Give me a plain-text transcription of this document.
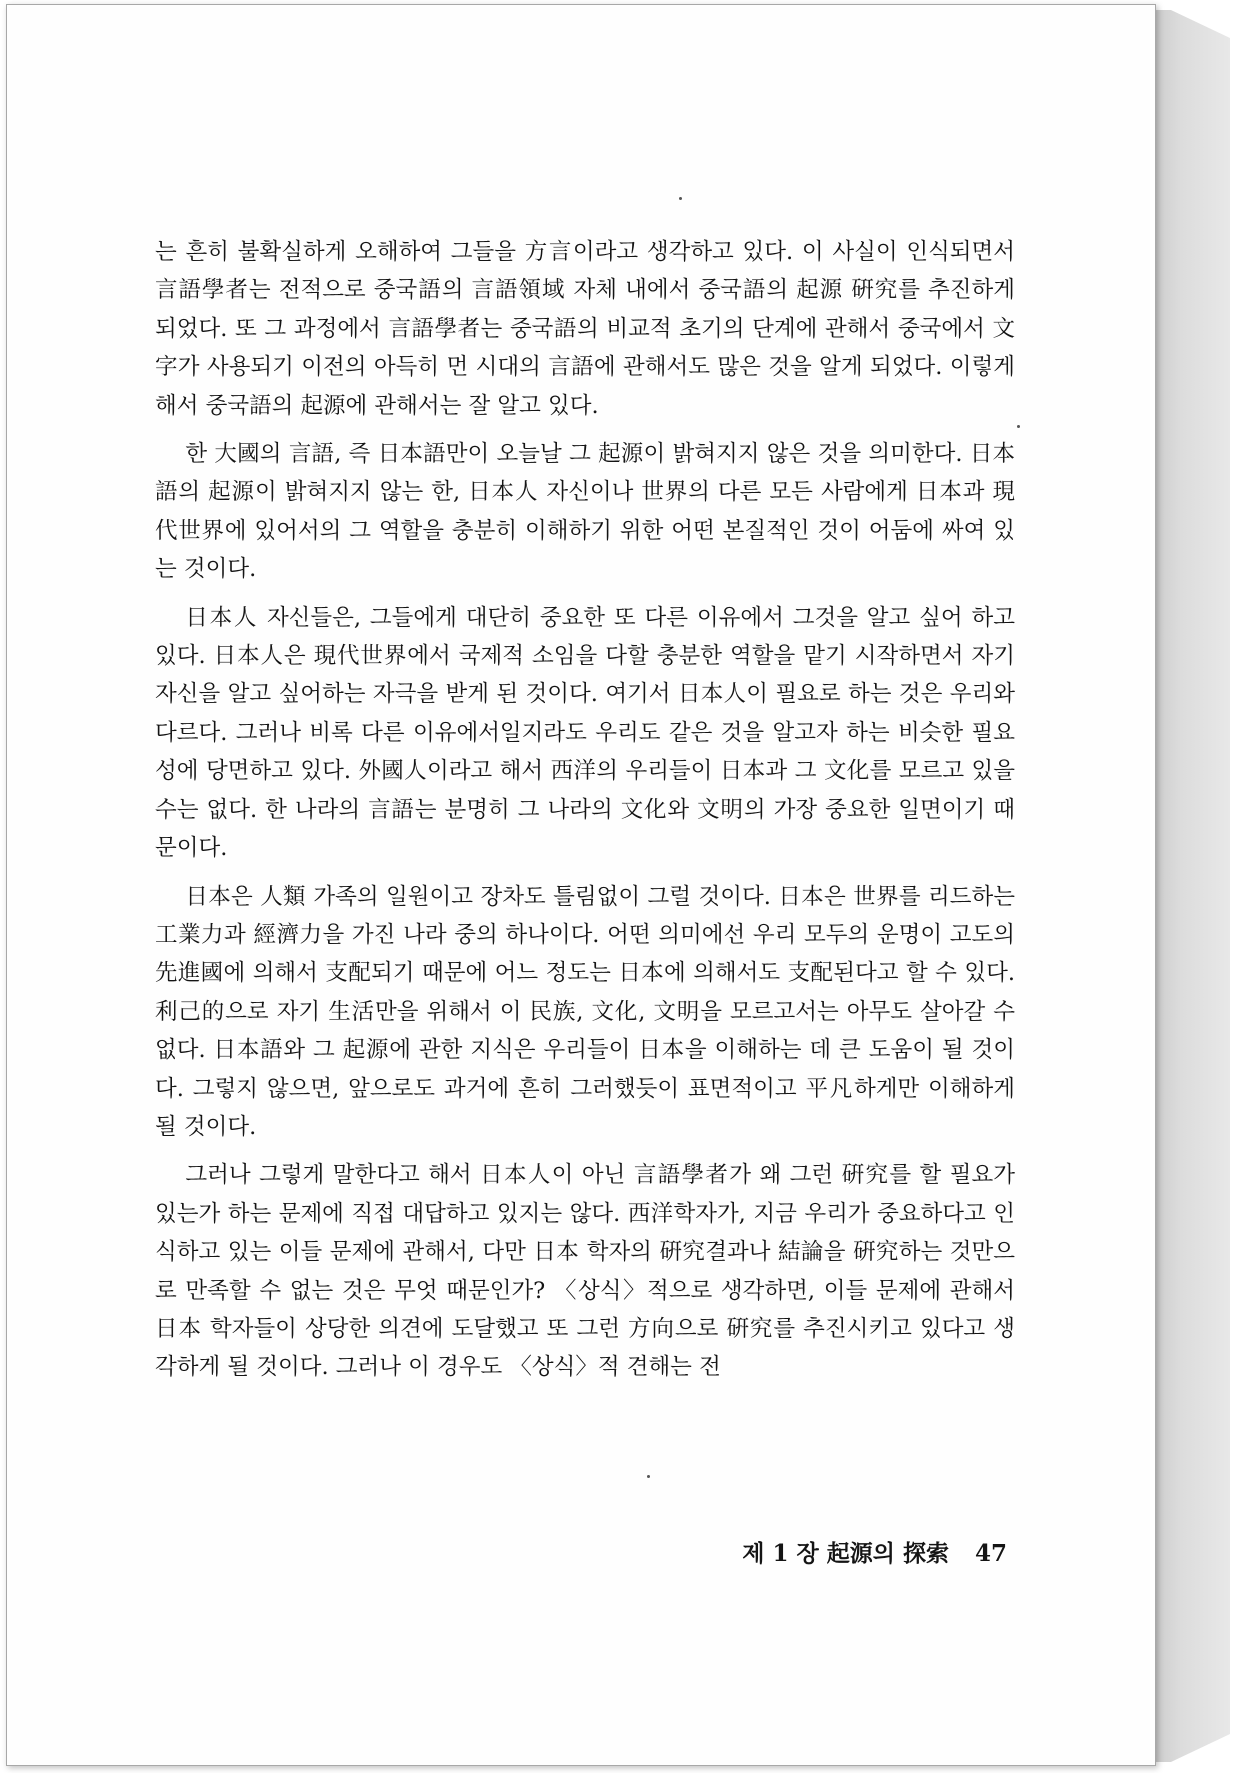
는 흔히 불확실하게 오해하여 그들을 方言이라고 생각하고 있다. 이 사실이 인식되면서 言語學者는 전적으로 중국語의 言語領域 자체 내에서 중국語의 起源 硏究를 추진하게 되었다. 또 그 과정에서 言語學者는 중국語의 비교적 초기의 단계에 관해서 중국에서 文字가 사용되기 이전의 아득히 먼 시대의 言語에 관해서도 많은 것을 알게 되었다. 이렇게 해서 중국語의 起源에 관해서는 잘 알고 있다.

한 大國의 言語, 즉 日本語만이 오늘날 그 起源이 밝혀지지 않은 것을 의미한다. 日本語의 起源이 밝혀지지 않는 한, 日本人 자신이나 世界의 다른 모든 사람에게 日本과 現代世界에 있어서의 그 역할을 충분히 이해하기 위한 어떤 본질적인 것이 어둠에 싸여 있는 것이다.

日本人 자신들은, 그들에게 대단히 중요한 또 다른 이유에서 그것을 알고 싶어 하고 있다. 日本人은 現代世界에서 국제적 소임을 다할 충분한 역할을 맡기 시작하면서 자기자신을 알고 싶어하는 자극을 받게 된 것이다. 여기서 日本人이 필요로 하는 것은 우리와 다르다. 그러나 비록 다른 이유에서일지라도 우리도 같은 것을 알고자 하는 비슷한 필요성에 당면하고 있다. 外國人이라고 해서 西洋의 우리들이 日本과 그 文化를 모르고 있을 수는 없다. 한 나라의 言語는 분명히 그 나라의 文化와 文明의 가장 중요한 일면이기 때문이다.

日本은 人類 가족의 일원이고 장차도 틀림없이 그럴 것이다. 日本은 世界를 리드하는 工業力과 經濟力을 가진 나라 중의 하나이다. 어떤 의미에선 우리 모두의 운명이 고도의 先進國에 의해서 支配되기 때문에 어느 정도는 日本에 의해서도 支配된다고 할 수 있다. 利己的으로 자기 生活만을 위해서 이 民族, 文化, 文明을 모르고서는 아무도 살아갈 수 없다. 日本語와 그 起源에 관한 지식은 우리들이 日本을 이해하는 데 큰 도움이 될 것이다. 그렇지 않으면, 앞으로도 과거에 흔히 그러했듯이 표면적이고 平凡하게만 이해하게 될 것이다.

그러나 그렇게 말한다고 해서 日本人이 아닌 言語學者가 왜 그런 硏究를 할 필요가 있는가 하는 문제에 직접 대답하고 있지는 않다. 西洋학자가, 지금 우리가 중요하다고 인식하고 있는 이들 문제에 관해서, 다만 日本 학자의 硏究결과나 結論을 硏究하는 것만으로 만족할 수 없는 것은 무엇 때문인가? 〈상식〉적으로 생각하면, 이들 문제에 관해서 日本 학자들이 상당한 의견에 도달했고 또 그런 方向으로 硏究를 추진시키고 있다고 생각하게 될 것이다. 그러나 이 경우도 〈상식〉적 견해는 전

제 1 장 起源의 探索 47
